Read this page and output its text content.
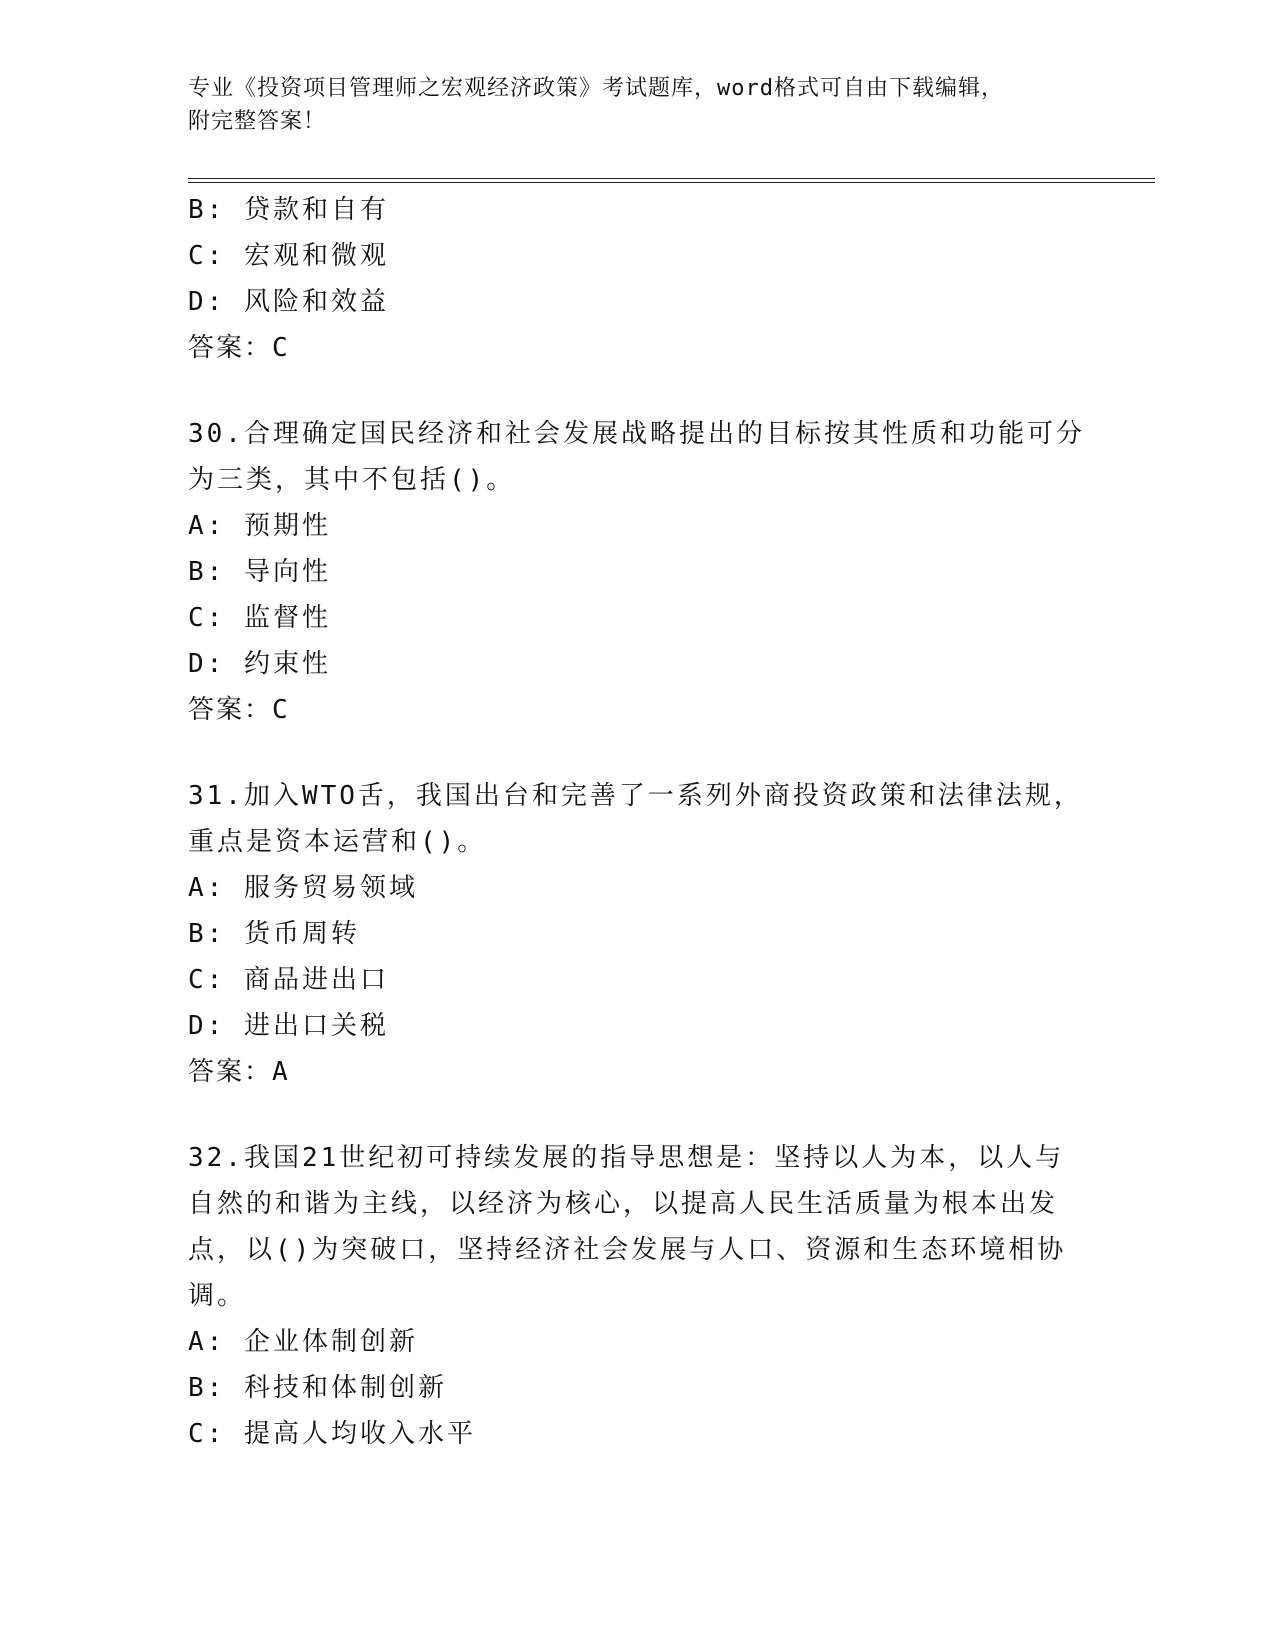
专业《投资项目管理师之宏观经济政策》考试题库，word格式可自由下载编辑，
附完整答案！
B: 贷款和自有
C: 宏观和微观
D: 风险和效益
答案：C
30.合理确定国民经济和社会发展战略提出的目标按其性质和功能可分
为三类，其中不包括()。
A: 预期性
B: 导向性
C: 监督性
D: 约束性
答案：C
31.加入WTO舌，我国出台和完善了一系列外商投资政策和法律法规，
重点是资本运营和()。
A: 服务贸易领域
B: 货币周转
C: 商品进出口
D: 进出口关税
答案：A
32.我国21世纪初可持续发展的指导思想是：坚持以人为本，以人与
自然的和谐为主线，以经济为核心，以提高人民生活质量为根本出发
点，以()为突破口，坚持经济社会发展与人口、资源和生态环境相协
调。
A: 企业体制创新
B: 科技和体制创新
C: 提高人均收入水平
